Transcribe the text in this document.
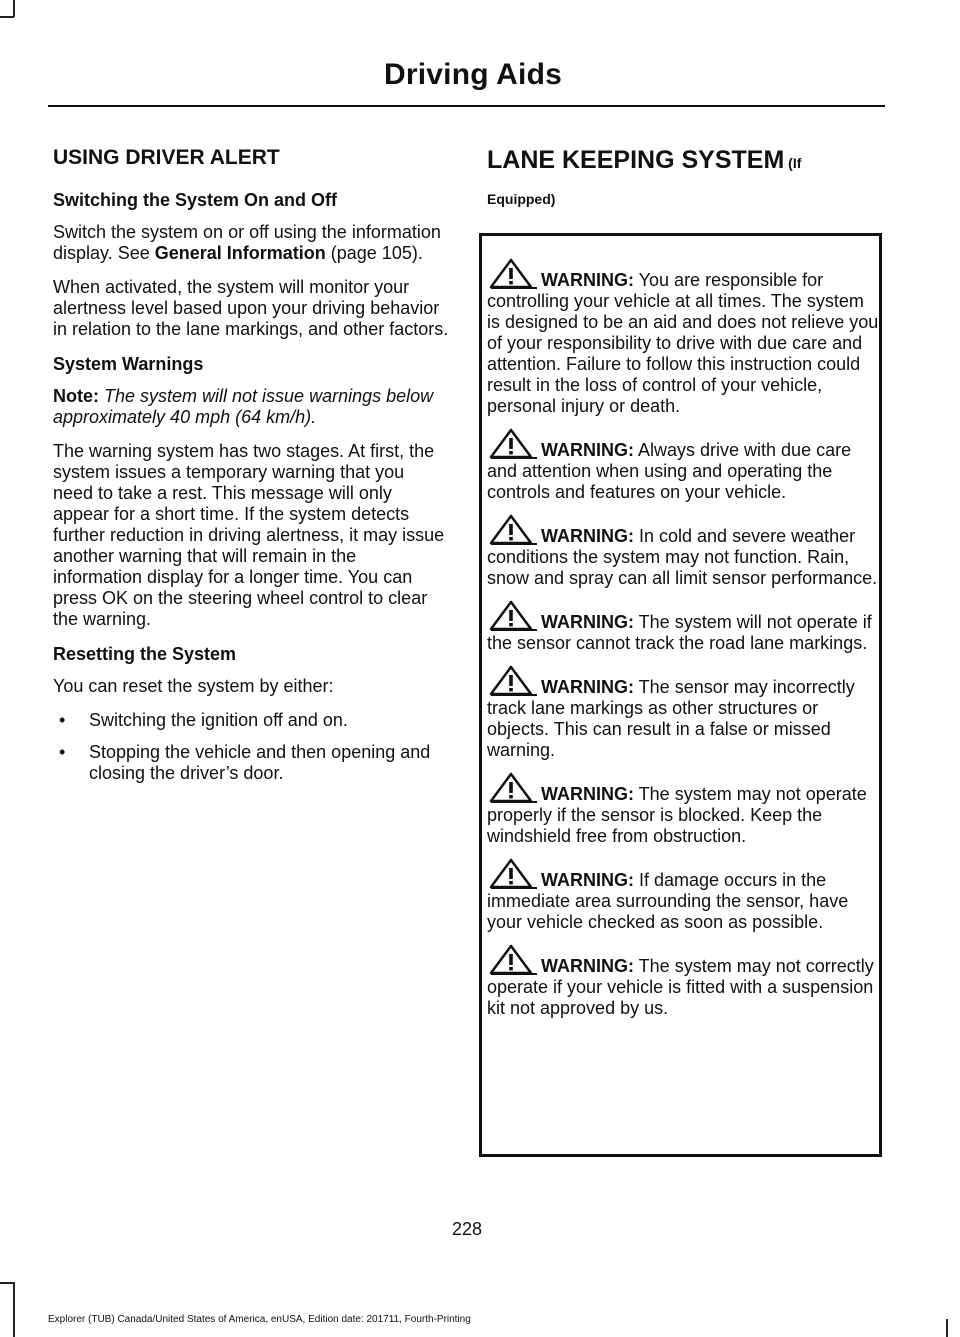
Driving Aids
USING DRIVER ALERT
Switching the System On and Off
Switch the system on or off using the information display. See General Information (page 105).
When activated, the system will monitor your alertness level based upon your driving behavior in relation to the lane markings, and other factors.
System Warnings
Note: The system will not issue warnings below approximately 40 mph (64 km/h).
The warning system has two stages. At first, the system issues a temporary warning that you need to take a rest. This message will only appear for a short time. If the system detects further reduction in driving alertness, it may issue another warning that will remain in the information display for a longer time. You can press OK on the steering wheel control to clear the warning.
Resetting the System
You can reset the system by either:
• Switching the ignition off and on.
• Stopping the vehicle and then opening and closing the driver’s door.
LANE KEEPING SYSTEM (If
Equipped)
WARNING: You are responsible for controlling your vehicle at all times. The system is designed to be an aid and does not relieve you of your responsibility to drive with due care and attention. Failure to follow this instruction could result in the loss of control of your vehicle, personal injury or death.
WARNING: Always drive with due care and attention when using and operating the controls and features on your vehicle.
WARNING: In cold and severe weather conditions the system may not function. Rain, snow and spray can all limit sensor performance.
WARNING: The system will not operate if the sensor cannot track the road lane markings.
WARNING: The sensor may incorrectly track lane markings as other structures or objects. This can result in a false or missed warning.
WARNING: The system may not operate properly if the sensor is blocked. Keep the windshield free from obstruction.
WARNING: If damage occurs in the immediate area surrounding the sensor, have your vehicle checked as soon as possible.
WARNING: The system may not correctly operate if your vehicle is fitted with a suspension kit not approved by us.
228
Explorer (TUB) Canada/United States of America, enUSA, Edition date: 201711, Fourth-Printing
